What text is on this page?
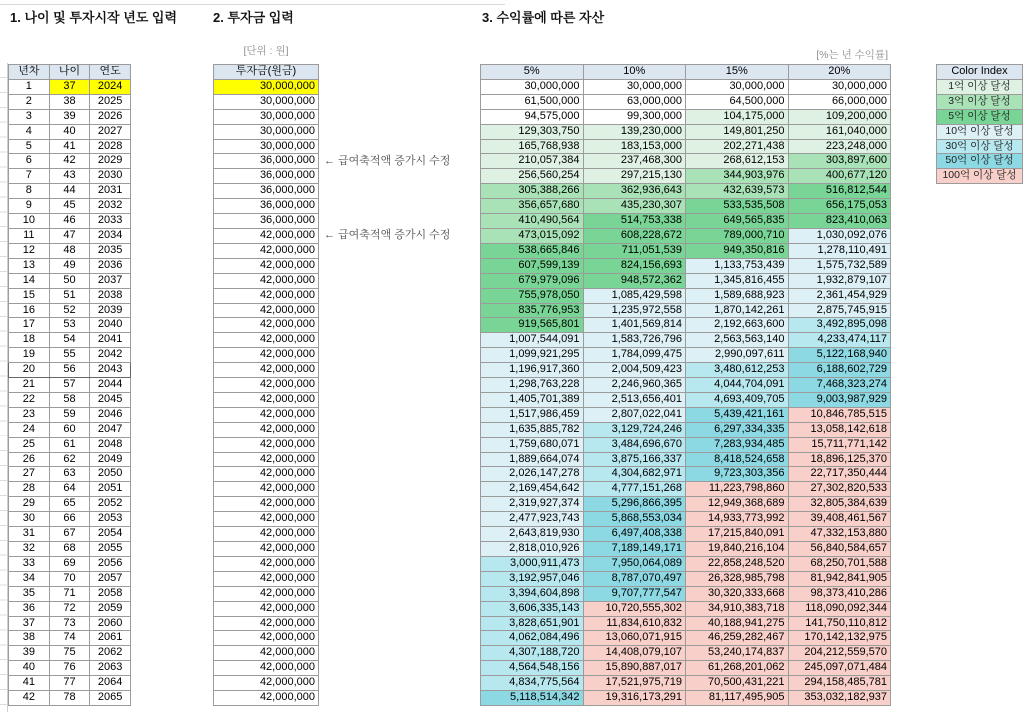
1. 나이 및 투자시작 년도 입력	2. 투자금 입력	3. 수익률에 따른 자산
[단위 : 원]	[%는 년 수익률]
년차	나이	연도
1	37	2024
2	38	2025
3	39	2026
4	40	2027
5	41	2028
6	42	2029
7	43	2030
8	44	2031
9	45	2032
10	46	2033
11	47	2034
12	48	2035
13	49	2036
14	50	2037
15	51	2038
16	52	2039
17	53	2040
18	54	2041
19	55	2042
20	56	2043
21	57	2044
22	58	2045
23	59	2046
24	60	2047
25	61	2048
26	62	2049
27	63	2050
28	64	2051
29	65	2052
30	66	2053
31	67	2054
32	68	2055
33	69	2056
34	70	2057
35	71	2058
36	72	2059
37	73	2060
38	74	2061
39	75	2062
40	76	2063
41	77	2064
42	78	2065
투자금(원금)
30,000,000
30,000,000
30,000,000
30,000,000
30,000,000
36,000,000
36,000,000
36,000,000
36,000,000
36,000,000
42,000,000
42,000,000
42,000,000
42,000,000
42,000,000
42,000,000
42,000,000
42,000,000
42,000,000
42,000,000
42,000,000
42,000,000
42,000,000
42,000,000
42,000,000
42,000,000
42,000,000
42,000,000
42,000,000
42,000,000
42,000,000
42,000,000
42,000,000
42,000,000
42,000,000
42,000,000
42,000,000
42,000,000
42,000,000
42,000,000
42,000,000
42,000,000
← 급여축적액 증가시 수정
← 급여축적액 증가시 수정
5%	10%	15%	20%
30,000,000	30,000,000	30,000,000	30,000,000
61,500,000	63,000,000	64,500,000	66,000,000
94,575,000	99,300,000	104,175,000	109,200,000
129,303,750	139,230,000	149,801,250	161,040,000
165,768,938	183,153,000	202,271,438	223,248,000
210,057,384	237,468,300	268,612,153	303,897,600
256,560,254	297,215,130	344,903,976	400,677,120
305,388,266	362,936,643	432,639,573	516,812,544
356,657,680	435,230,307	533,535,508	656,175,053
410,490,564	514,753,338	649,565,835	823,410,063
473,015,092	608,228,672	789,000,710	1,030,092,076
538,665,846	711,051,539	949,350,816	1,278,110,491
607,599,139	824,156,693	1,133,753,439	1,575,732,589
679,979,096	948,572,362	1,345,816,455	1,932,879,107
755,978,050	1,085,429,598	1,589,688,923	2,361,454,929
835,776,953	1,235,972,558	1,870,142,261	2,875,745,915
919,565,801	1,401,569,814	2,192,663,600	3,492,895,098
1,007,544,091	1,583,726,796	2,563,563,140	4,233,474,117
1,099,921,295	1,784,099,475	2,990,097,611	5,122,168,940
1,196,917,360	2,004,509,423	3,480,612,253	6,188,602,729
1,298,763,228	2,246,960,365	4,044,704,091	7,468,323,274
1,405,701,389	2,513,656,401	4,693,409,705	9,003,987,929
1,517,986,459	2,807,022,041	5,439,421,161	10,846,785,515
1,635,885,782	3,129,724,246	6,297,334,335	13,058,142,618
1,759,680,071	3,484,696,670	7,283,934,485	15,711,771,142
1,889,664,074	3,875,166,337	8,418,524,658	18,896,125,370
2,026,147,278	4,304,682,971	9,723,303,356	22,717,350,444
2,169,454,642	4,777,151,268	11,223,798,860	27,302,820,533
2,319,927,374	5,296,866,395	12,949,368,689	32,805,384,639
2,477,923,743	5,868,553,034	14,933,773,992	39,408,461,567
2,643,819,930	6,497,408,338	17,215,840,091	47,332,153,880
2,818,010,926	7,189,149,171	19,840,216,104	56,840,584,657
3,000,911,473	7,950,064,089	22,858,248,520	68,250,701,588
3,192,957,046	8,787,070,497	26,328,985,798	81,942,841,905
3,394,604,898	9,707,777,547	30,320,333,668	98,373,410,286
3,606,335,143	10,720,555,302	34,910,383,718	118,090,092,344
3,828,651,901	11,834,610,832	40,188,941,275	141,750,110,812
4,062,084,496	13,060,071,915	46,259,282,467	170,142,132,975
4,307,188,720	14,408,079,107	53,240,174,837	204,212,559,570
4,564,548,156	15,890,887,017	61,268,201,062	245,097,071,484
4,834,775,564	17,521,975,719	70,500,431,221	294,158,485,781
5,118,514,342	19,316,173,291	81,117,495,905	353,032,182,937
Color Index
1억 이상 달성
3억 이상 달성
5억 이상 달성
10억 이상 달성
30억 이상 달성
50억 이상 달성
100억 이상 달성
